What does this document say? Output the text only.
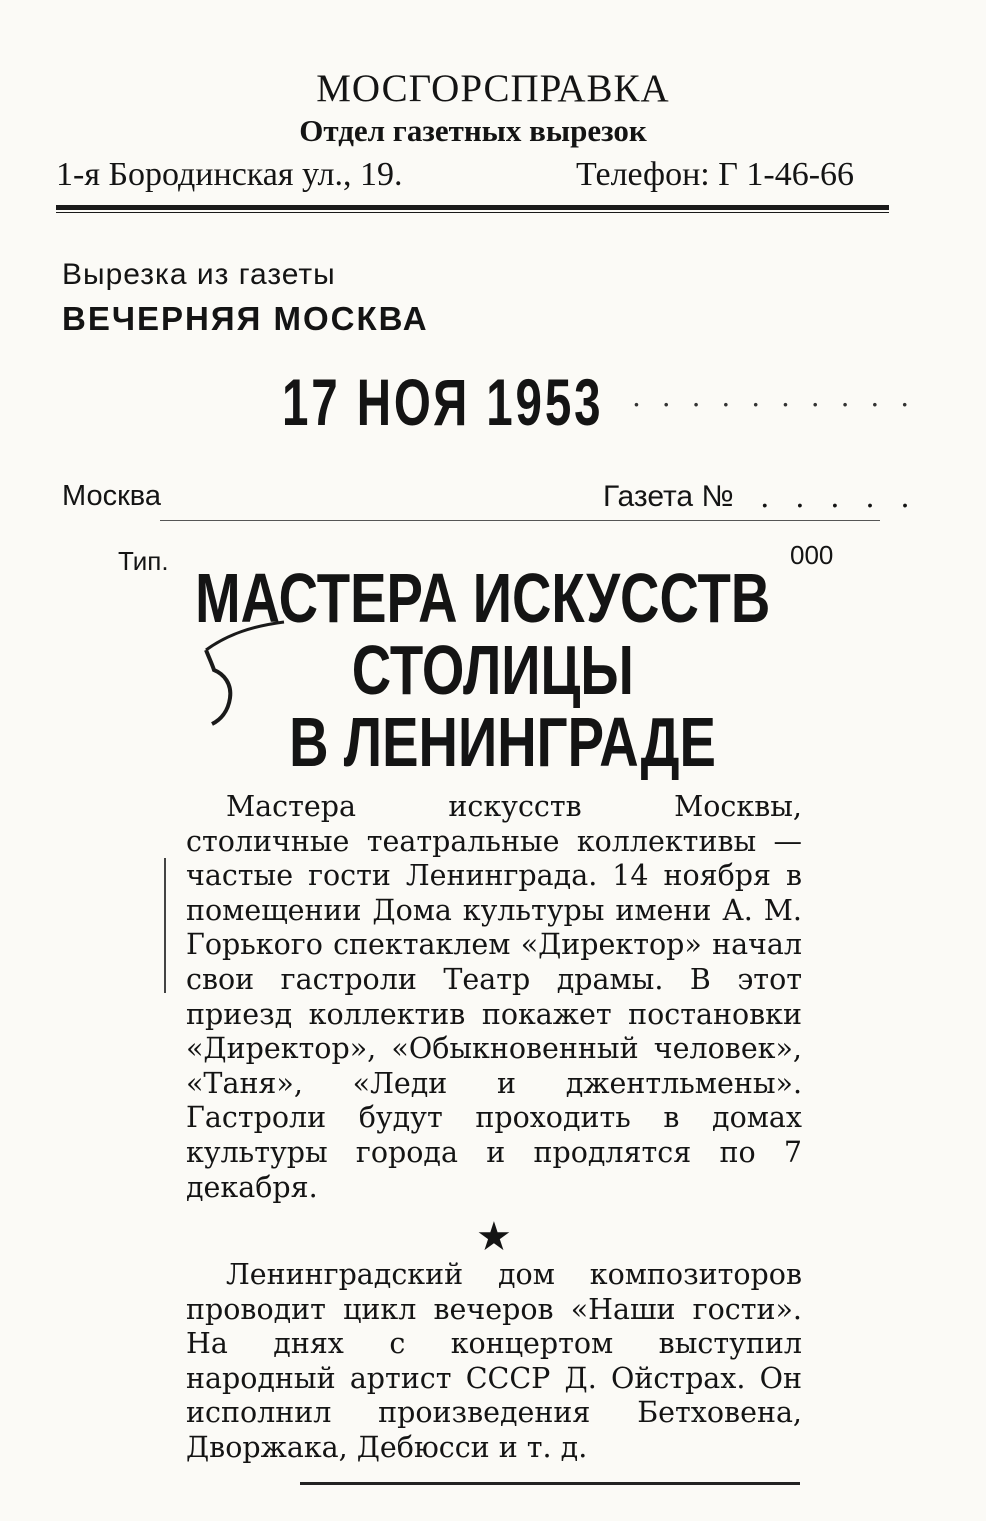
МОСГОРСПРАВКА
Отдел газетных вырезок
1-я Бородинская ул., 19.	Телефон: Г 1-46-66
Вырезка из газеты
ВЕЧЕРНЯЯ МОСКВА
17 НОЯ 1953 . . . . . . . . . .
Москва	Газета № . . . . .
Тип.	000
МАСТЕРА ИСКУССТВ
СТОЛИЦЫ
В ЛЕНИНГРАДЕ
Мастера искусств Москвы, столичные театральные коллективы — частые гости Ленинграда. 14 ноября в помещении Дома культуры имени А. М. Горького спектаклем «Директор» начал свои гастроли Театр драмы. В этот приезд коллектив покажет постановки «Директор», «Обыкновенный человек», «Таня», «Леди и джентльмены». Гастроли будут проходить в домах культуры города и продлятся по 7 декабря.
★
Ленинградский дом композиторов проводит цикл вечеров «Наши гости». На днях с концертом выступил народный артист СССР Д. Ойстрах. Он исполнил произведения Бетховена, Дворжака, Дебюсси и т. д.
